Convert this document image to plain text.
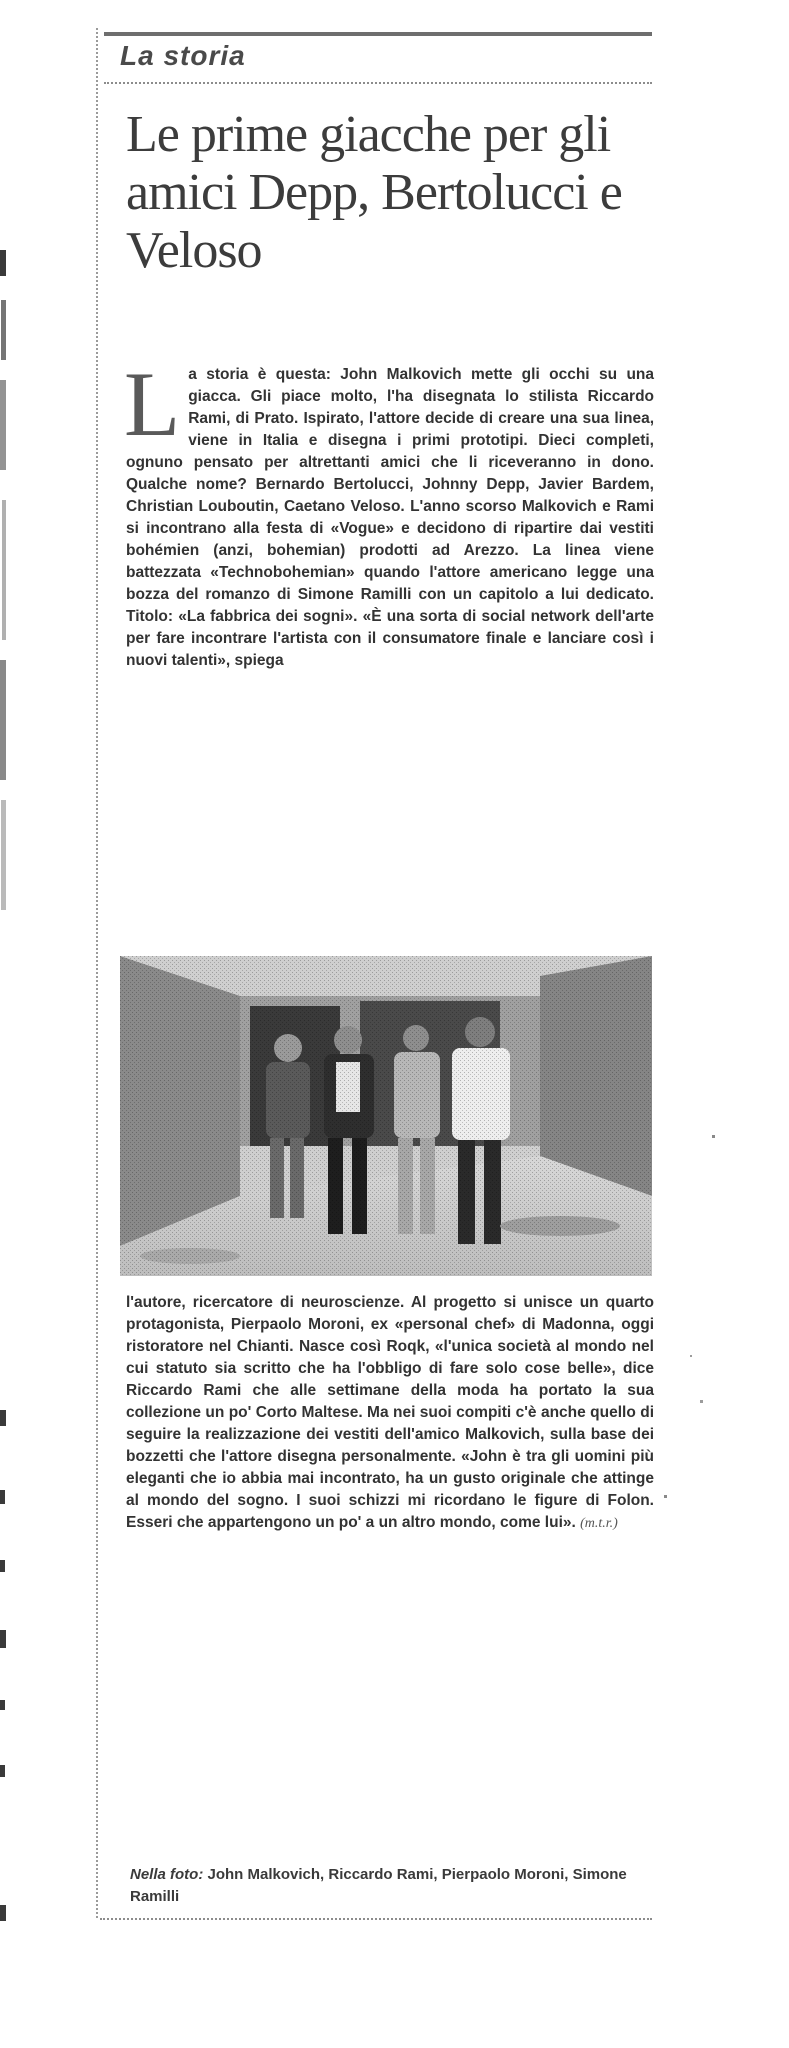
La storia
Le prime giacche per gli amici Depp, Bertolucci e Veloso

L a storia è questa: John Malkovich mette gli occhi su una giacca. Gli piace molto, l'ha disegnata lo stilista Riccardo Rami, di Prato. Ispirato, l'attore decide di creare una sua linea, viene in Italia e disegna i primi prototipi. Dieci completi, ognuno pensato per altrettanti amici che li riceveranno in dono. Qualche nome? Bernardo Bertolucci, Johnny Depp, Javier Bardem, Christian Louboutin, Caetano Veloso. L'anno scorso Malkovich e Rami si incontrano alla festa di «Vogue» e decidono di ripartire dai vestiti bohémien (anzi, bohemian) prodotti ad Arezzo. La linea viene battezzata «Technobohemian» quando l'attore americano legge una bozza del romanzo di Simone Ramilli con un capitolo a lui dedicato. Titolo: «La fabbrica dei sogni». «È una sorta di social network dell'arte per fare incontrare l'artista con il consumatore finale e lanciare così i nuovi talenti», spiega

l'autore, ricercatore di neuroscienze. Al progetto si unisce un quarto protagonista, Pierpaolo Moroni, ex «personal chef» di Madonna, oggi ristoratore nel Chianti. Nasce così Roqk, «l'unica società al mondo nel cui statuto sia scritto che ha l'obbligo di fare solo cose belle», dice Riccardo Rami che alle settimane della moda ha portato la sua collezione un po' Corto Maltese. Ma nei suoi compiti c'è anche quello di seguire la realizzazione dei vestiti dell'amico Malkovich, sulla base dei bozzetti che l'attore disegna personalmente. «John è tra gli uomini più eleganti che io abbia mai incontrato, ha un gusto originale che attinge al mondo del sogno. I suoi schizzi mi ricordano le figure di Folon. Esseri che appartengono un po' a un altro mondo, come lui». (m.t.r.)

Nella foto: John Malkovich, Riccardo Rami, Pierpaolo Moroni, Simone Ramilli
